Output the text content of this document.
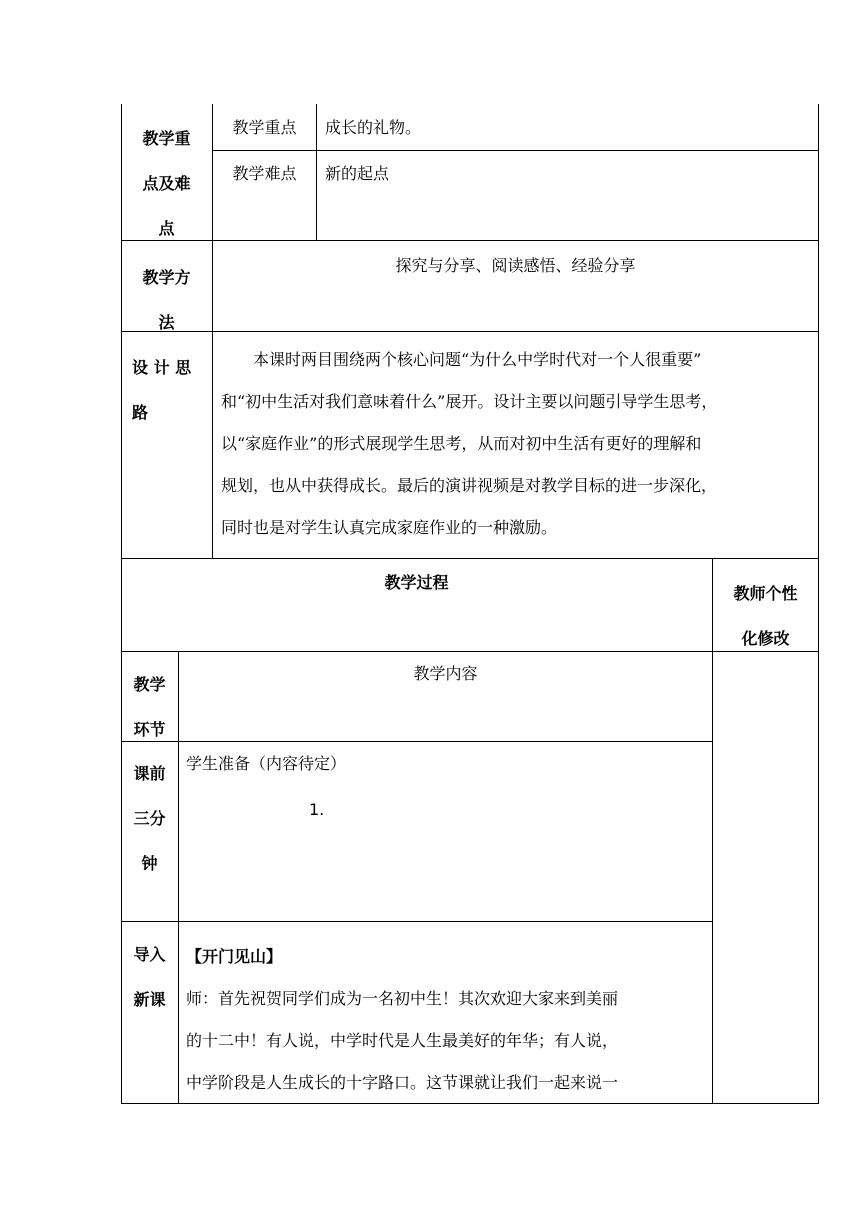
教学重
点及难
点
教学重点	成长的礼物。
教学难点	新的起点
教学方
法
探究与分享、阅读感悟、经验分享
设 计 思
路
本课时两目围绕两个核心问题“为什么中学时代对一个人很重要”
和“初中生活对我们意味着什么”展开。设计主要以问题引导学生思考，
以“家庭作业”的形式展现学生思考，从而对初中生活有更好的理解和
规划，也从中获得成长。最后的演讲视频是对教学目标的进一步深化，
同时也是对学生认真完成家庭作业的一种激励。
教学过程
教师个性
化修改
教学
环节
教学内容
课前
三分
钟
学生准备（内容待定）
1.
导入
新课
【开门见山】
师：首先祝贺同学们成为一名初中生！其次欢迎大家来到美丽
的十二中！有人说，中学时代是人生最美好的年华；有人说，
中学阶段是人生成长的十字路口。这节课就让我们一起来说一
